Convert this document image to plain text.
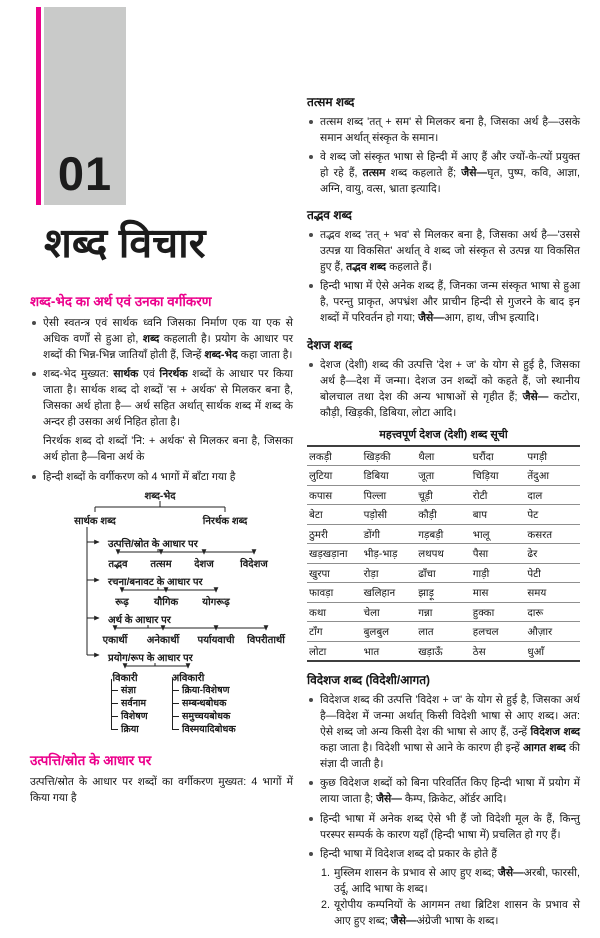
01
शब्द विचार
शब्द-भेद का अर्थ एवं उनका वर्गीकरण
ऐसी स्वतन्त्र एवं सार्थक ध्वनि जिसका निर्माण एक या एक से अधिक वर्णों से हुआ हो, शब्द कहलाती है। प्रयोग के आधार पर शब्दों की भिन्न-भिन्न जातियाँ होती हैं, जिन्हें शब्द-भेद कहा जाता है।
शब्द-भेद मुख्यत: सार्थक एवं निरर्थक शब्दों के आधार पर किया जाता है। सार्थक शब्द दो शब्दों 'स + अर्थक' से मिलकर बना है, जिसका अर्थ होता है— अर्थ सहित अर्थात् सार्थक शब्द में शब्द के अन्दर ही उसका अर्थ निहित होता है।
निरर्थक शब्द दो शब्दों 'नि: + अर्थक' से मिलकर बना है, जिसका अर्थ होता है—बिना अर्थ के
हिन्दी शब्दों के वर्गीकरण को 4 भागों में बाँटा गया है
शब्द-भेद
सार्थक शब्द	निरर्थक शब्द
उत्पत्ति/स्रोत के आधार पर
तद्भव तत्सम देशज	विदेशज
रचना/बनावट के आधार पर
रूढ़	यौगिक योगरूढ़
अर्थ के आधार पर
एकार्थी अनेकार्थी पर्यायवाची विपरीतार्थी
प्रयोग/रूप के आधार पर
विकारी	अविकारी
संज्ञा
सर्वनाम
विशेषण
क्रिया
क्रिया-विशेषण
सम्बन्धबोधक
समुच्चयबोधक
विस्मयादिबोधक
उत्पत्ति/स्रोत के आधार पर
उत्पत्ति/स्रोत के आधार पर शब्दों का वर्गीकरण मुख्यत: 4 भागों में किया गया है
तत्सम शब्द
तत्सम शब्द 'तत् + सम' से मिलकर बना है, जिसका अर्थ है—उसके समान अर्थात् संस्कृत के समान।
वे शब्द जो संस्कृत भाषा से हिन्दी में आए हैं और ज्यों-के-त्यों प्रयुक्त हो रहे हैं, तत्सम शब्द कहलाते हैं; जैसे—घृत, पुष्प, कवि, आज्ञा, अग्नि, वायु, वत्स, भ्राता इत्यादि।
तद्भव शब्द
तद्भव शब्द 'तत् + भव' से मिलकर बना है, जिसका अर्थ है—'उससे उत्पन्न या विकसित' अर्थात् वे शब्द जो संस्कृत से उत्पन्न या विकसित हुए हैं, तद्भव शब्द कहलाते हैं।
हिन्दी भाषा में ऐसे अनेक शब्द हैं, जिनका जन्म संस्कृत भाषा से हुआ है, परन्तु प्राकृत, अपभ्रंश और प्राचीन हिन्दी से गुजरने के बाद इन शब्दों में परिवर्तन हो गया; जैसे—आग, हाथ, जीभ इत्यादि।
देशज शब्द
देशज (देशी) शब्द की उत्पत्ति 'देश + ज' के योग से हुई है, जिसका अर्थ है—देश में जन्मा। देशज उन शब्दों को कहते हैं, जो स्थानीय बोलचाल तथा देश की अन्य भाषाओं से गृहीत हैं; जैसे— कटोरा, कौड़ी, खिड़की, डिबिया, लोटा आदि।
महत्त्वपूर्ण देशज (देशी) शब्द सूची
लकड़ी	खिड़की	थैला	घरौंदा	पगड़ी
लुटिया	डिबिया	जूता	चिड़िया	तेंदुआ
कपास	पिल्ला	चूड़ी	रोटी	दाल
बेटा	पड़ोसी	कौड़ी	बाप	पेट
ठुमरी	डोंगी	गड़बड़ी	भालू	कसरत
खड़खड़ाना	भीड़-भाड़	लथपथ	पैसा	ढेर
खुरपा	रोड़ा	ढाँचा	गाड़ी	पेटी
फावड़ा	खलिहान	झाड़ू	मास	समय
कथा	चेला	गन्ना	हुक्का	दारू
टाँग	बुलबुल	लात	हलचल	औज़ार
लोटा	भात	खड़ाऊँ	ठेस	धुआँ
विदेशज शब्द (विदेशी/आगत)
विदेशज शब्द की उत्पत्ति 'विदेश + ज' के योग से हुई है, जिसका अर्थ है—विदेश में जन्मा अर्थात् किसी विदेशी भाषा से आए शब्द। अत: ऐसे शब्द जो अन्य किसी देश की भाषा से आए हैं, उन्हें विदेशज शब्द कहा जाता है। विदेशी भाषा से आने के कारण ही इन्हें आगत शब्द की संज्ञा दी जाती है।
कुछ विदेशज शब्दों को बिना परिवर्तित किए हिन्दी भाषा में प्रयोग में लाया जाता है; जैसे— कैम्प, क्रिकेट, ऑर्डर आदि।
हिन्दी भाषा में अनेक शब्द ऐसे भी हैं जो विदेशी मूल के हैं, किन्तु परस्पर सम्पर्क के कारण यहाँ (हिन्दी भाषा में) प्रचलित हो गए हैं।
हिन्दी भाषा में विदेशज शब्द दो प्रकार के होते हैं
1. मुस्लिम शासन के प्रभाव से आए हुए शब्द; जैसे—अरबी, फारसी, उर्दू, आदि भाषा के शब्द।
2. यूरोपीय कम्पनियों के आगमन तथा ब्रिटिश शासन के प्रभाव से आए हुए शब्द; जैसे—अंग्रेजी भाषा के शब्द।
